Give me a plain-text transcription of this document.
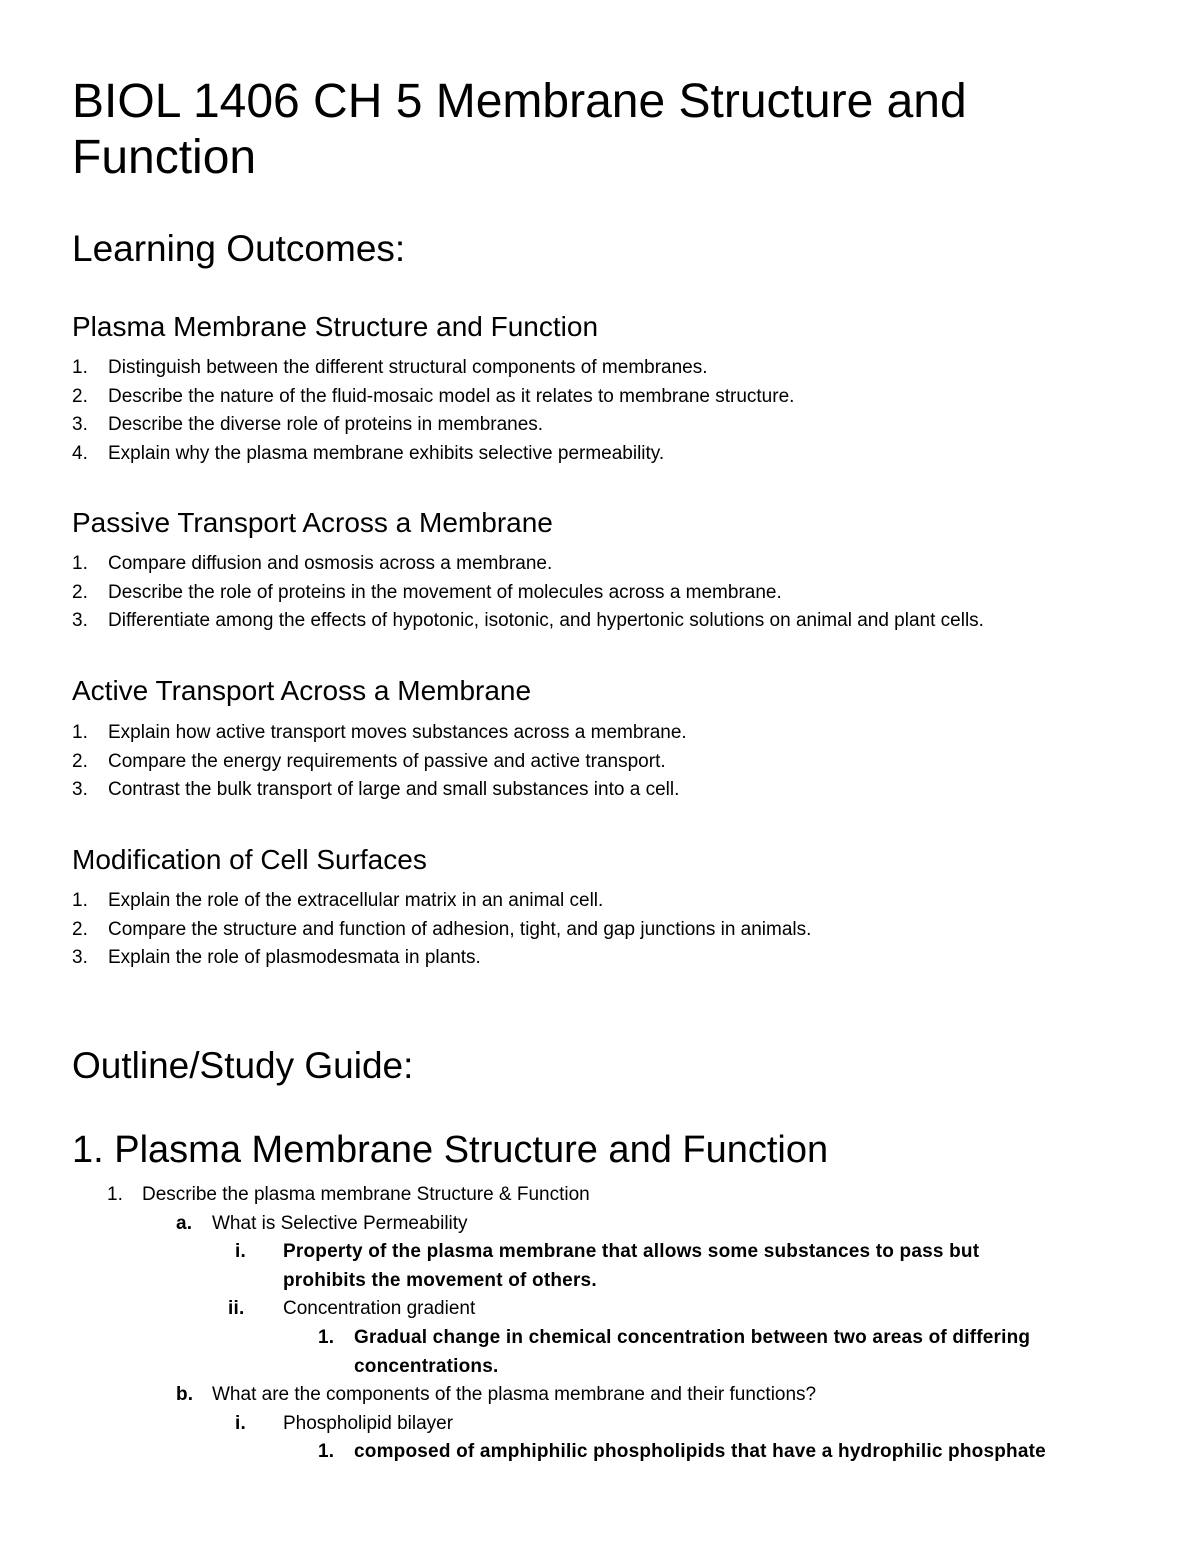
BIOL 1406 CH 5 Membrane Structure and Function
Learning Outcomes:
Plasma Membrane Structure and Function
1. Distinguish between the different structural components of membranes.
2. Describe the nature of the fluid-mosaic model as it relates to membrane structure.
3. Describe the diverse role of proteins in membranes.
4. Explain why the plasma membrane exhibits selective permeability.
Passive Transport Across a Membrane
1. Compare diffusion and osmosis across a membrane.
2. Describe the role of proteins in the movement of molecules across a membrane.
3. Differentiate among the effects of hypotonic, isotonic, and hypertonic solutions on animal and plant cells.
Active Transport Across a Membrane
1. Explain how active transport moves substances across a membrane.
2. Compare the energy requirements of passive and active transport.
3. Contrast the bulk transport of large and small substances into a cell.
Modification of Cell Surfaces
1. Explain the role of the extracellular matrix in an animal cell.
2. Compare the structure and function of adhesion, tight, and gap junctions in animals.
3. Explain the role of plasmodesmata in plants.
Outline/Study Guide:
1. Plasma Membrane Structure and Function
1. Describe the plasma membrane Structure & Function
a. What is Selective Permeability
i. Property of the plasma membrane that allows some substances to pass but
prohibits the movement of others.
ii. Concentration gradient
1. Gradual change in chemical concentration between two areas of differing
concentrations.
b. What are the components of the plasma membrane and their functions?
i. Phospholipid bilayer
1. composed of amphiphilic phospholipids that have a hydrophilic phosphate
